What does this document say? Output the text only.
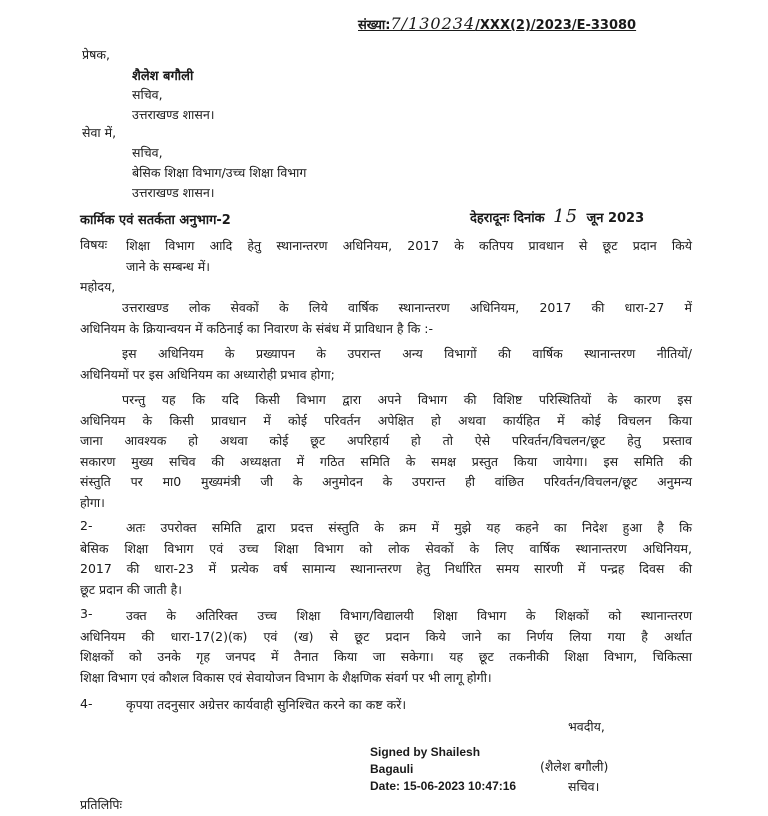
संख्या:7/130234/XXX(2)/2023/E-33080
प्रेषक,
शैलेश बगौली
सचिव,
उत्तराखण्ड शासन।
सेवा में,
सचिव,
बेसिक शिक्षा विभाग/उच्च शिक्षा विभाग
उत्तराखण्ड शासन।
कार्मिक एवं सतर्कता अनुभाग-2	देहरादूनः दिनांक 15 जून 2023
विषयः शिक्षा विभाग आदि हेतु स्थानान्तरण अधिनियम, 2017 के कतिपय प्रावधान से छूट प्रदान किये
जाने के सम्बन्ध में।
महोदय,
उत्तराखण्ड लोक सेवकों के लिये वार्षिक स्थानान्तरण अधिनियम, 2017 की धारा-27 में
अधिनियम के क्रियान्वयन में कठिनाई का निवारण के संबंध में प्राविधान है कि :-
इस अधिनियम के प्रख्यापन के उपरान्त अन्य विभागों की वार्षिक स्थानान्तरण नीतियों/
अधिनियमों पर इस अधिनियम का अध्यारोही प्रभाव होगा;
परन्तु यह कि यदि किसी विभाग द्वारा अपने विभाग की विशिष्ट परिस्थितियों के कारण इस
अधिनियम के किसी प्रावधान में कोई परिवर्तन अपेक्षित हो अथवा कार्यहित में कोई विचलन किया
जाना आवश्यक हो अथवा कोई छूट अपरिहार्य हो तो ऐसे परिवर्तन/विचलन/छूट हेतु प्रस्ताव
सकारण मुख्य सचिव की अध्यक्षता में गठित समिति के समक्ष प्रस्तुत किया जायेगा। इस समिति की
संस्तुति पर मा0 मुख्यमंत्री जी के अनुमोदन के उपरान्त ही वांछित परिवर्तन/विचलन/छूट अनुमन्य
होगा।
2-	अतः उपरोक्त समिति द्वारा प्रदत्त संस्तुति के क्रम में मुझे यह कहने का निदेश हुआ है कि
बेसिक शिक्षा विभाग एवं उच्च शिक्षा विभाग को लोक सेवकों के लिए वार्षिक स्थानान्तरण अधिनियम,
2017 की धारा-23 में प्रत्येक वर्ष सामान्य स्थानान्तरण हेतु निर्धारित समय सारणी में पन्द्रह दिवस की
छूट प्रदान की जाती है।
3-	उक्त के अतिरिक्त उच्च शिक्षा विभाग/विद्यालयी शिक्षा विभाग के शिक्षकों को स्थानान्तरण
अधिनियम की धारा-17(2)(क) एवं (ख) से छूट प्रदान किये जाने का निर्णय लिया गया है अर्थात
शिक्षकों को उनके गृह जनपद में तैनात किया जा सकेगा। यह छूट तकनीकी शिक्षा विभाग, चिकित्सा
शिक्षा विभाग एवं कौशल विकास एवं सेवायोजन विभाग के शैक्षणिक संवर्ग पर भी लागू होगी।
4-	कृपया तदनुसार अग्रेत्तर कार्यवाही सुनिश्चित करने का कष्ट करें।
भवदीय,
(शैलेश बगौली)
सचिव।
Signed by Shailesh
Bagauli
Date: 15-06-2023 10:47:16
प्रतिलिपिः
